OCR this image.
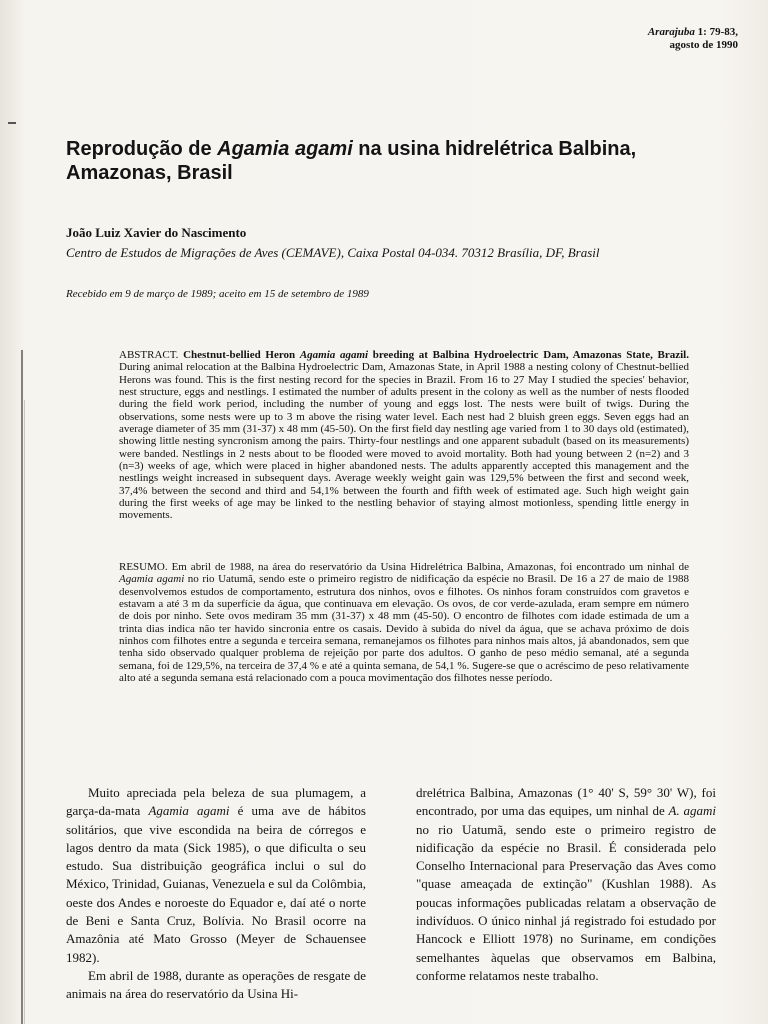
Ararajuba 1: 79-83,
agosto de 1990
Reprodução de Agamia agami na usina hidrelétrica Balbina, Amazonas, Brasil
João Luiz Xavier do Nascimento
Centro de Estudos de Migrações de Aves (CEMAVE), Caixa Postal 04-034. 70312 Brasília, DF, Brasil
Recebido em 9 de março de 1989; aceito em 15 de setembro de 1989

ABSTRACT. Chestnut-bellied Heron Agamia agami breeding at Balbina Hydroelectric Dam, Amazonas State, Brazil. During animal relocation at the Balbina Hydroelectric Dam, Amazonas State, in April 1988 a nesting colony of Chestnut-bellied Herons was found. This is the first nesting record for the species in Brazil. From 16 to 27 May I studied the species' behavior, nest structure, eggs and nestlings. I estimated the number of adults present in the colony as well as the number of nests flooded during the field work period, including the number of young and eggs lost. The nests were built of twigs. During the observations, some nests were up to 3 m above the rising water level. Each nest had 2 bluish green eggs. Seven eggs had an average diameter of 35 mm (31-37) x 48 mm (45-50). On the first field day nestling age varied from 1 to 30 days old (estimated), showing little nesting syncronism among the pairs. Thirty-four nestlings and one apparent subadult (based on its measurements) were banded. Nestlings in 2 nests about to be flooded were moved to avoid mortality. Both had young between 2 (n=2) and 3 (n=3) weeks of age, which were placed in higher abandoned nests. The adults apparently accepted this management and the nestlings weight increased in subsequent days. Average weekly weight gain was 129,5% between the first and second week, 37,4% between the second and third and 54,1% between the fourth and fifth week of estimated age. Such high weight gain during the first weeks of age may be linked to the nestling behavior of staying almost motionless, spending little energy in movements.

RESUMO. Em abril de 1988, na área do reservatório da Usina Hidrelétrica Balbina, Amazonas, foi encontrado um ninhal de Agamia agami no rio Uatumã, sendo este o primeiro registro de nidificação da espécie no Brasil. De 16 a 27 de maio de 1988 desenvolvemos estudos de comportamento, estrutura dos ninhos, ovos e filhotes. Os ninhos foram construídos com gravetos e estavam a até 3 m da superfície da água, que continuava em elevação. Os ovos, de cor verde-azulada, eram sempre em número de dois por ninho. Sete ovos mediram 35 mm (31-37) x 48 mm (45-50). O encontro de filhotes com idade estimada de um a trinta dias indica não ter havido sincronia entre os casais. Devido à subida do nível da água, que se achava próximo de dois ninhos com filhotes entre a segunda e terceira semana, remanejamos os filhotes para ninhos mais altos, já abandonados, sem que tenha sido observado qualquer problema de rejeição por parte dos adultos. O ganho de peso médio semanal, até a segunda semana, foi de 129,5%, na terceira de 37,4 % e até a quinta semana, de 54,1 %. Sugere-se que o acréscimo de peso relativamente alto até a segunda semana está relacionado com a pouca movimentação dos filhotes nesse período.

Muito apreciada pela beleza de sua plumagem, a garça-da-mata Agamia agami é uma ave de hábitos solitários, que vive escondida na beira de córregos e lagos dentro da mata (Sick 1985), o que dificulta o seu estudo. Sua distribuição geográfica inclui o sul do México, Trinidad, Guianas, Venezuela e sul da Colômbia, oeste dos Andes e noroeste do Equador e, daí até o norte de Beni e Santa Cruz, Bolívia. No Brasil ocorre na Amazônia até Mato Grosso (Meyer de Schauensee 1982).

Em abril de 1988, durante as operações de resgate de animais na área do reservatório da Usina Hi-

drelétrica Balbina, Amazonas (1° 40' S, 59° 30' W), foi encontrado, por uma das equipes, um ninhal de A. agami no rio Uatumã, sendo este o primeiro registro de nidificação da espécie no Brasil. É considerada pelo Conselho Internacional para Preservação das Aves como "quase ameaçada de extinção" (Kushlan 1988). As poucas informações publicadas relatam a observação de indivíduos. O único ninhal já registrado foi estudado por Hancock e Elliott 1978) no Suriname, em condições semelhantes àquelas que observamos em Balbina, conforme relatamos neste trabalho.
